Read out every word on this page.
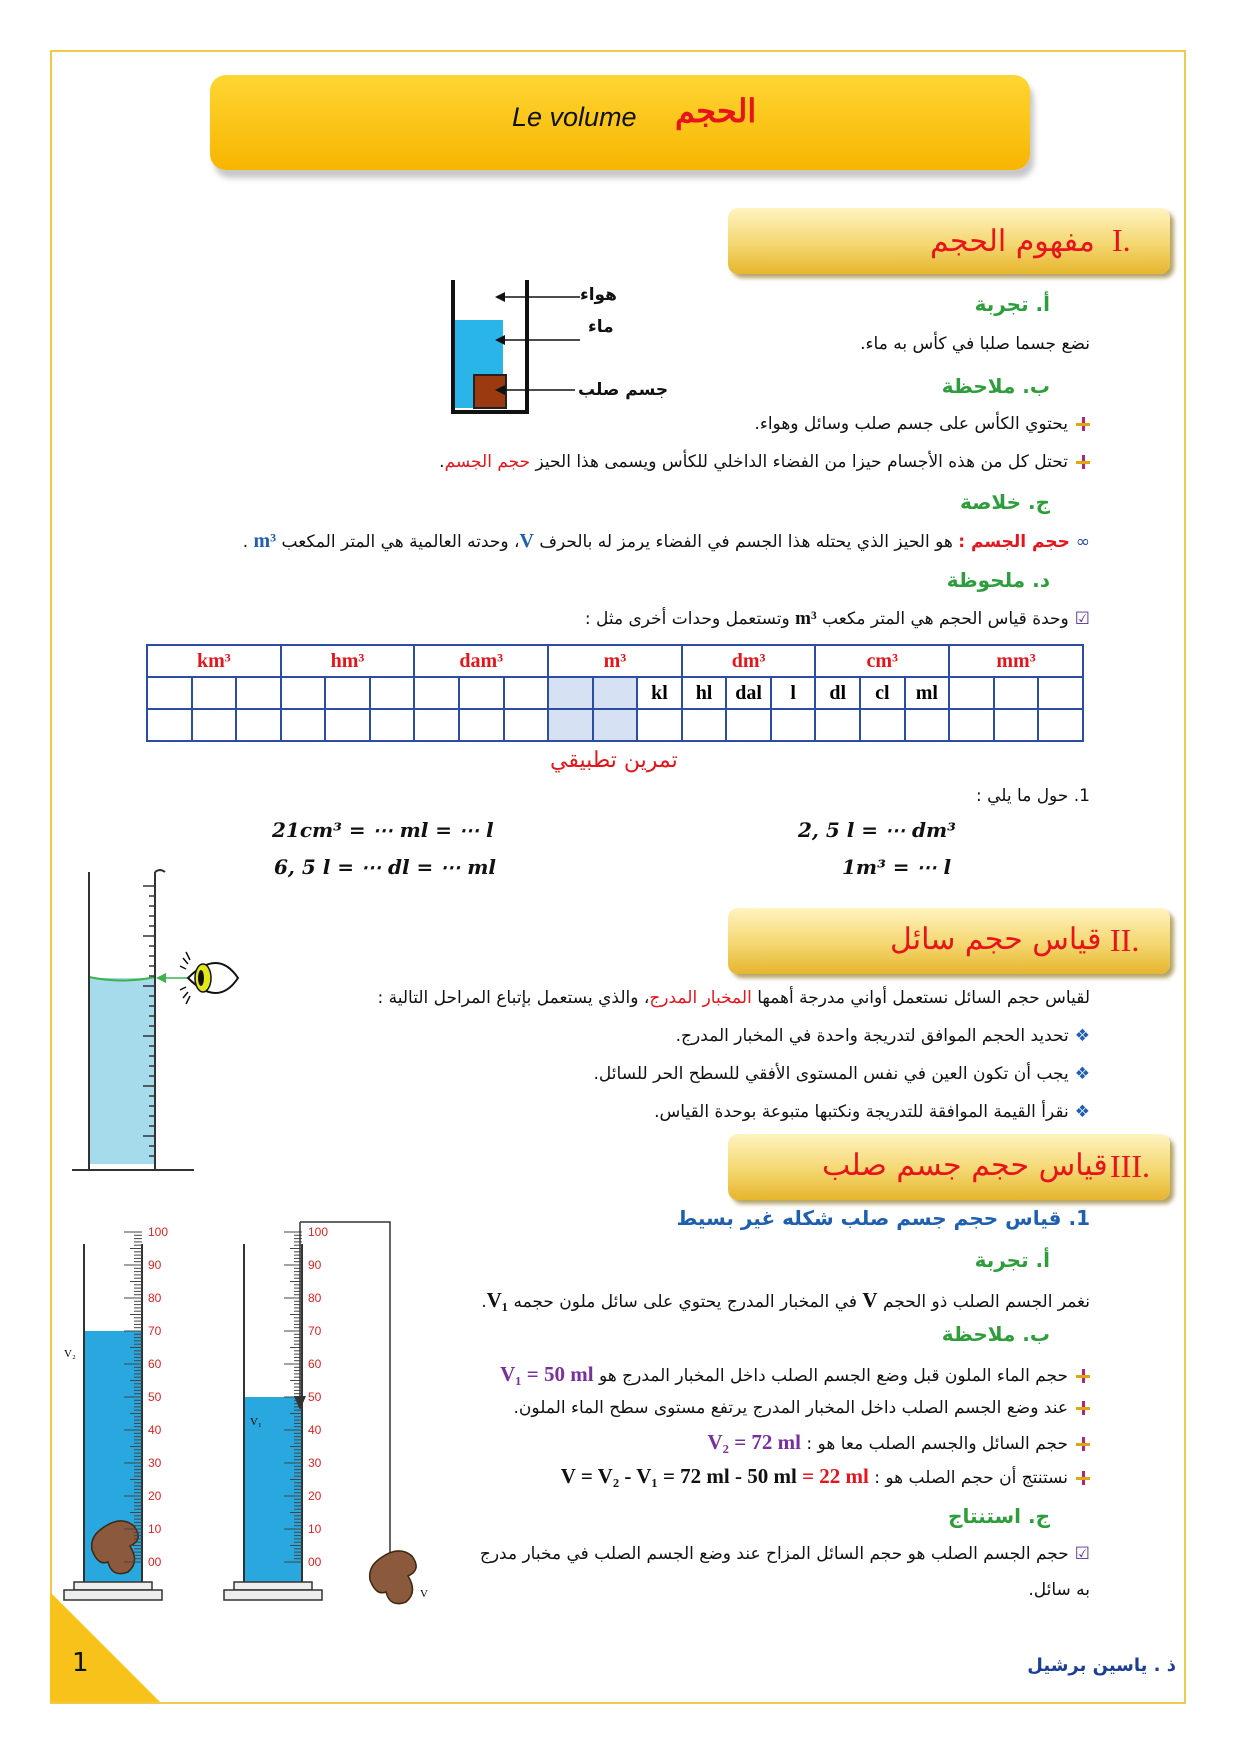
الحجم
Le volume
I.
مفهوم الحجم
هواء
ماء
جسم صلب
أ. تجربة
نضع جسما صلبا في كأس به ماء.
ب. ملاحظة
يحتوي الكأس على جسم صلب وسائل وهواء.
تحتل كل من هذه الأجسام حيزا من الفضاء الداخلي للكأس ويسمى هذا الحيز حجم الجسم.
ج. خلاصة
∞حجم الجسم : هو الحيز الذي يحتله هذا الجسم في الفضاء يرمز له بالحرف V، وحدته العالمية هي المتر المكعب m³ .
د. ملحوظة
☑وحدة قياس الحجم هي المتر مكعب m³ وتستعمل وحدات أخرى مثل :
km³			hm³			dam³			m³			dm³			cm³			mm³		
											kl	hl	dal	l	dl	cl	ml			

تمرين تطبيقي
1. حول ما يلي :
2, 5 l = ⋯ dm³
21cm³ = ⋯ ml = ⋯ l
1m³ = ⋯ l
6, 5 l = ⋯ dl = ⋯ ml
II.
قياس حجم سائل
لقياس حجم السائل نستعمل أواني مدرجة أهمها المخبار المدرج، والذي يستعمل بإتباع المراحل التالية :
❖تحديد الحجم الموافق لتدريجة واحدة في المخبار المدرج.
❖يجب أن تكون العين في نفس المستوى الأفقي للسطح الحر للسائل.
❖نقرأ القيمة الموافقة للتدريجة ونكتبها متبوعة بوحدة القياس.
III.
قياس حجم جسم صلب
1. قياس حجم جسم صلب شكله غير بسيط
أ. تجربة
نغمر الجسم الصلب ذو الحجم V في المخبار المدرج يحتوي على سائل ملون حجمه V₁.
ب. ملاحظة
حجم الماء الملون قبل وضع الجسم الصلب داخل المخبار المدرج هو V₁ = 50 ml
عند وضع الجسم الصلب داخل المخبار المدرج يرتفع مستوى سطح الماء الملون.
حجم السائل والجسم الصلب معا هو : V₂ = 72 ml
نستنتج أن حجم الصلب هو : V = V₂ - V₁ = 72 ml - 50 ml = 22 ml
ج. استنتاج
☑حجم الجسم الصلب هو حجم السائل المزاح عند وضع الجسم الصلب في مخبار مدرج
به سائل.
100
90
80
70
60
50
40
30
20
10
00
100
90
80
70
60
50
40
30
20
10
00
V₂
V₁
V
1	ذ . ياسين برشيل
